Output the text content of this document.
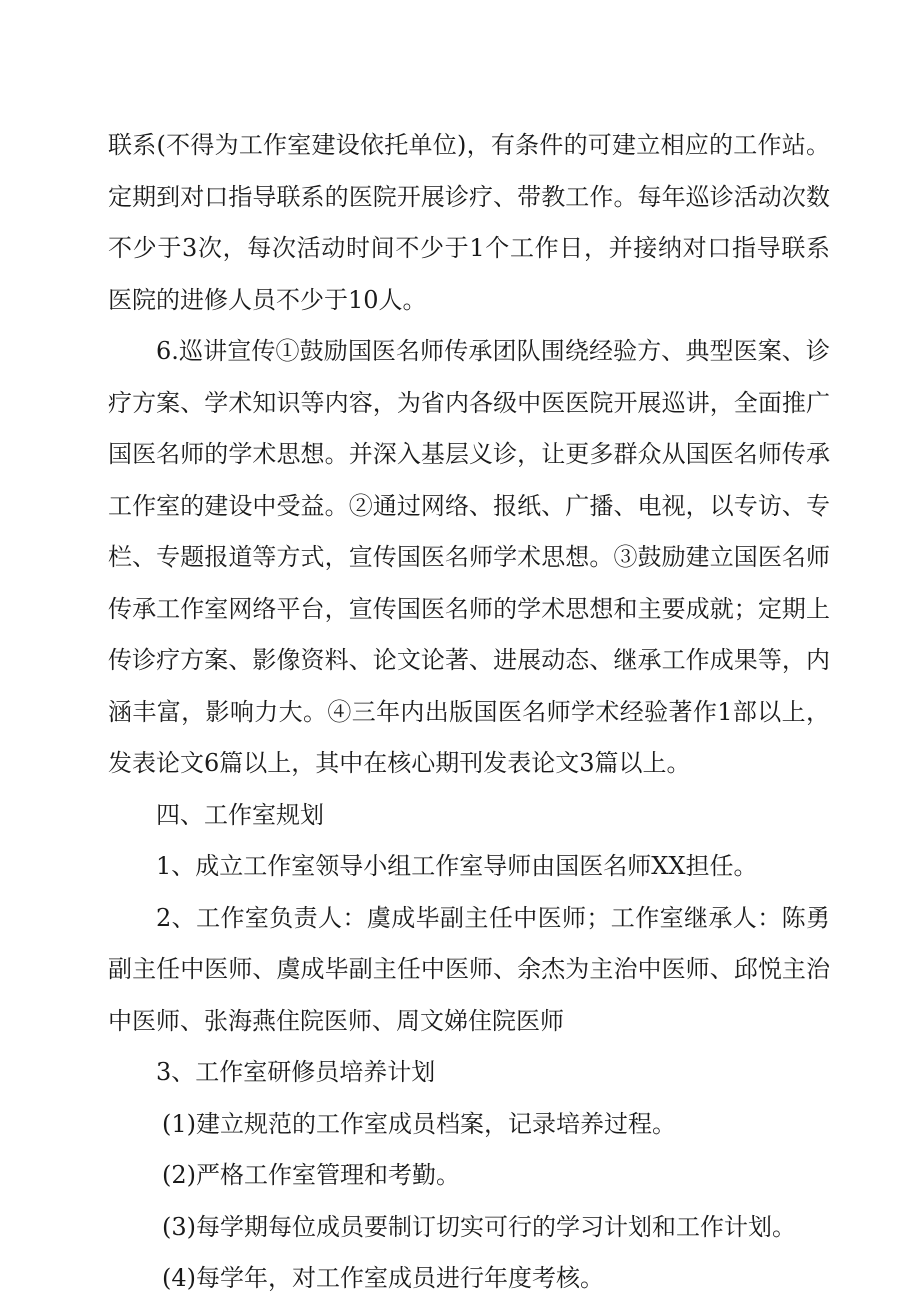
联系(不得为工作室建设依托单位)，有条件的可建立相应的工作站。定期到对口指导联系的医院开展诊疗、带教工作。每年巡诊活动次数不少于3次，每次活动时间不少于1个工作日，并接纳对口指导联系医院的进修人员不少于10人。

6.巡讲宣传①鼓励国医名师传承团队围绕经验方、典型医案、诊疗方案、学术知识等内容，为省内各级中医医院开展巡讲，全面推广国医名师的学术思想。并深入基层义诊，让更多群众从国医名师传承工作室的建设中受益。②通过网络、报纸、广播、电视，以专访、专栏、专题报道等方式，宣传国医名师学术思想。③鼓励建立国医名师传承工作室网络平台，宣传国医名师的学术思想和主要成就；定期上传诊疗方案、影像资料、论文论著、进展动态、继承工作成果等，内涵丰富，影响力大。④三年内出版国医名师学术经验著作1部以上，发表论文6篇以上，其中在核心期刊发表论文3篇以上。

四、工作室规划

1、成立工作室领导小组工作室导师由国医名师XX担任。

2、工作室负责人：虞成毕副主任中医师；工作室继承人：陈勇副主任中医师、虞成毕副主任中医师、余杰为主治中医师、邱悦主治中医师、张海燕住院医师、周文娣住院医师

3、工作室研修员培养计划

(1)建立规范的工作室成员档案，记录培养过程。

(2)严格工作室管理和考勤。

(3)每学期每位成员要制订切实可行的学习计划和工作计划。

(4)每学年，对工作室成员进行年度考核。
